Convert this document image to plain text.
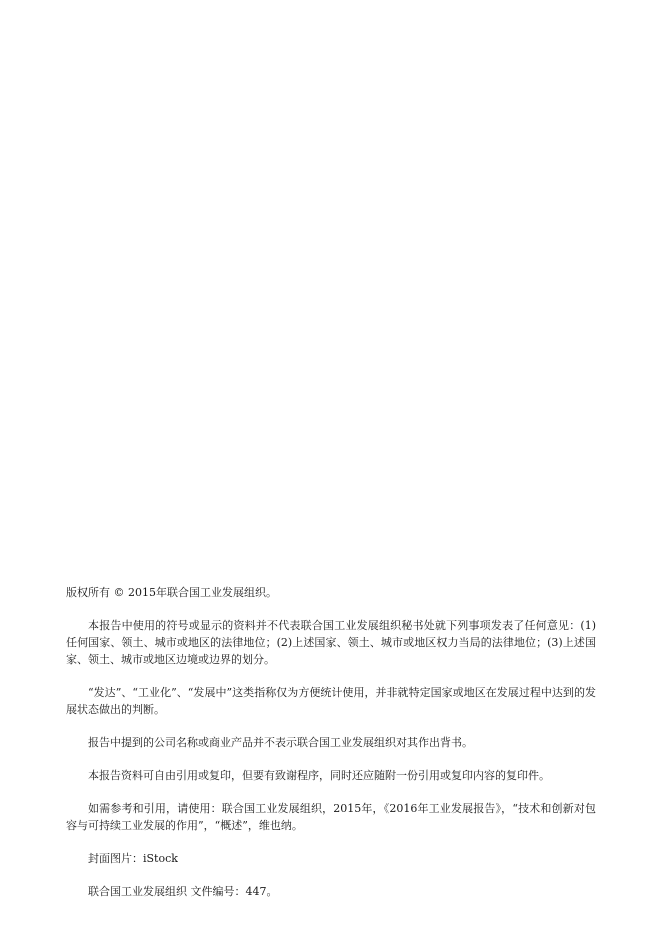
版权所有 © 2015年联合国工业发展组织。

本报告中使用的符号或显示的资料并不代表联合国工业发展组织秘书处就下列事项发表了任何意见：(1)任何国家、领土、城市或地区的法律地位；(2)上述国家、领土、城市或地区权力当局的法律地位；(3)上述国家、领土、城市或地区边境或边界的划分。

“发达”、“工业化”、“发展中”这类指称仅为方便统计使用，并非就特定国家或地区在发展过程中达到的发展状态做出的判断。

报告中提到的公司名称或商业产品并不表示联合国工业发展组织对其作出背书。

本报告资料可自由引用或复印，但要有致谢程序，同时还应随附一份引用或复印内容的复印件。

如需参考和引用，请使用：联合国工业发展组织，2015年，《2016年工业发展报告》，“技术和创新对包容与可持续工业发展的作用”，“概述”，维也纳。

封面图片：iStock

联合国工业发展组织 文件编号：447。
